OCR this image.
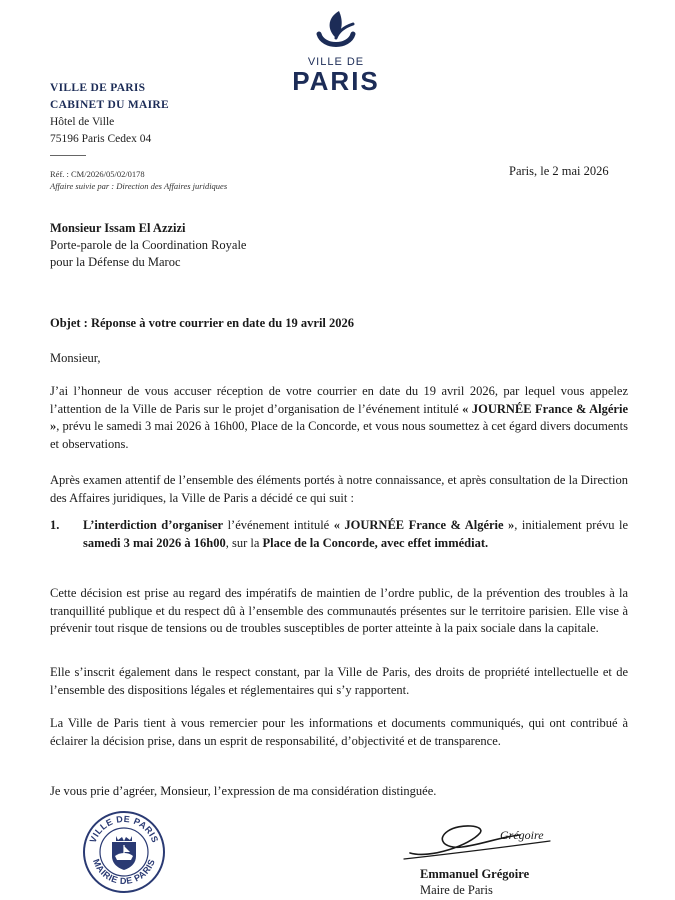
VILLE DE
PARIS
VILLE DE PARIS
CABINET DU MAIRE
Hôtel de Ville
75196 Paris Cedex 04
Réf. : CM/2026/05/02/0178
Affaire suivie par : Direction des Affaires juridiques
Paris, le 2 mai 2026
Monsieur Issam El Azzizi
Porte-parole de la Coordination Royale
pour la Défense du Maroc
Objet : Réponse à votre courrier en date du 19 avril 2026
Monsieur,
J’ai l’honneur de vous accuser réception de votre courrier en date du 19 avril 2026, par lequel vous appelez l’attention de la Ville de Paris sur le projet d’organisation de l’événement intitulé « JOURNÉE France & Algérie », prévu le samedi 3 mai 2026 à 16h00, Place de la Concorde, et vous nous soumettez à cet égard divers documents et observations.
Après examen attentif de l’ensemble des éléments portés à notre connaissance, et après consultation de la Direction des Affaires juridiques, la Ville de Paris a décidé ce qui suit :
1. L’interdiction d’organiser l’événement intitulé « JOURNÉE France & Algérie », initialement prévu le samedi 3 mai 2026 à 16h00, sur la Place de la Concorde, avec effet immédiat.
Cette décision est prise au regard des impératifs de maintien de l’ordre public, de la prévention des troubles à la tranquillité publique et du respect dû à l’ensemble des communautés présentes sur le territoire parisien. Elle vise à prévenir tout risque de tensions ou de troubles susceptibles de porter atteinte à la paix sociale dans la capitale.
Elle s’inscrit également dans le respect constant, par la Ville de Paris, des droits de propriété intellectuelle et de l’ensemble des dispositions légales et réglementaires qui s’y rapportent.
La Ville de Paris tient à vous remercier pour les informations et documents communiqués, qui ont contribué à éclairer la décision prise, dans un esprit de responsabilité, d’objectivité et de transparence.
Je vous prie d’agréer, Monsieur, l’expression de ma considération distinguée.
VILLE DE PARIS
MAIRIE DE PARIS
Grégoire
Emmanuel Grégoire
Maire de Paris
